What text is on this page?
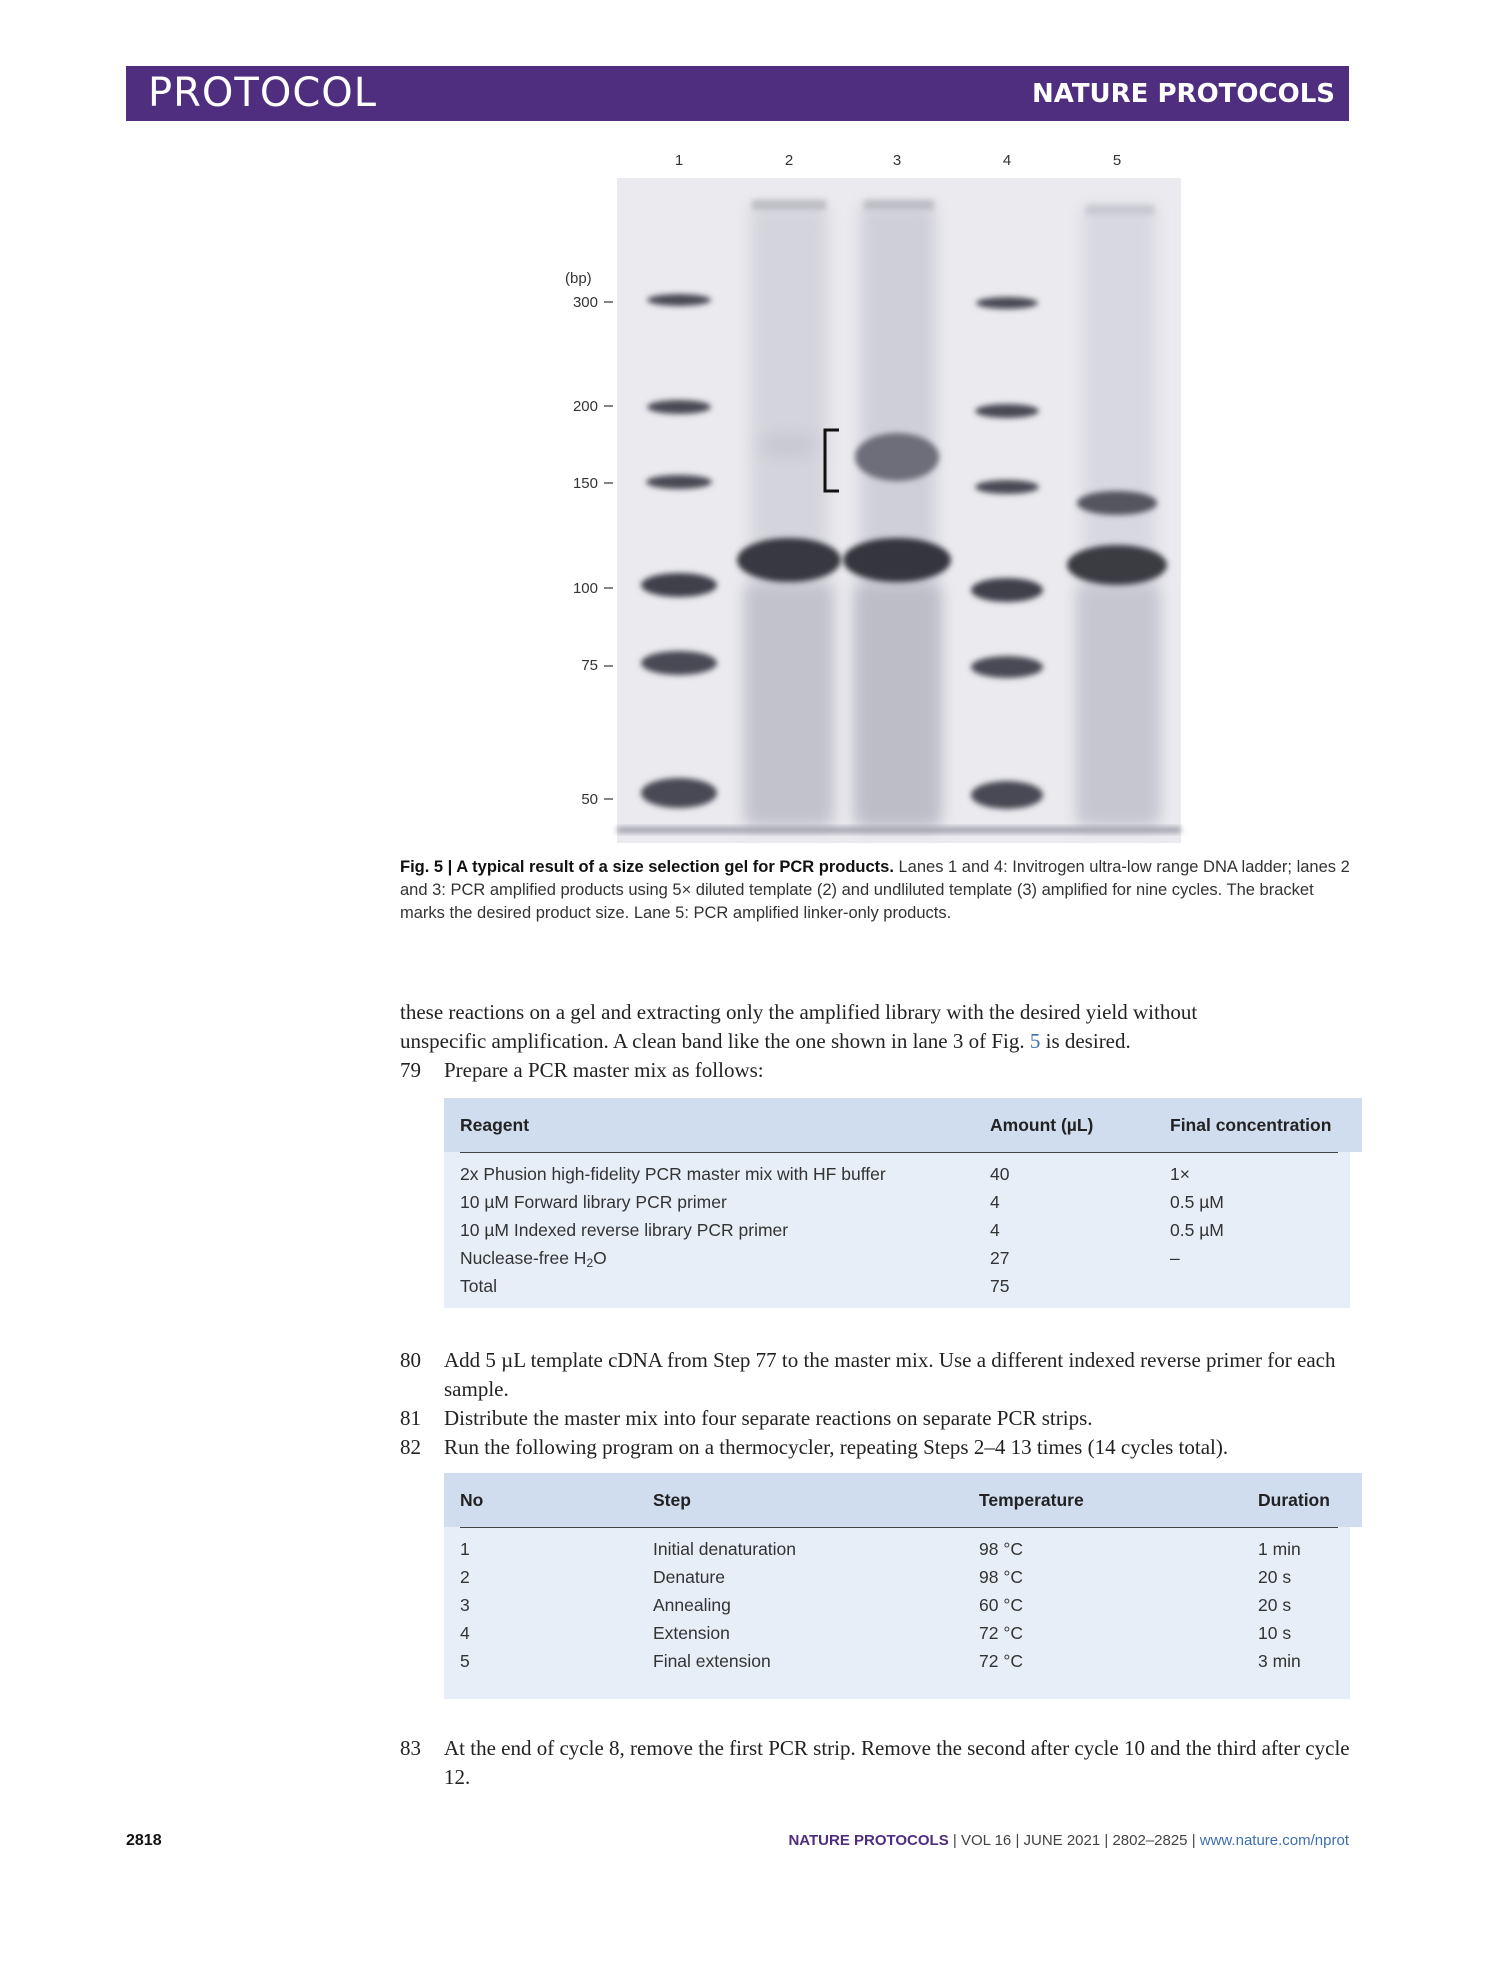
PROTOCOL	NATURE PROTOCOLS
1	2	3	4	5
(bp)
300
200
150
100
75
50
Fig. 5 | A typical result of a size selection gel for PCR products. Lanes 1 and 4: Invitrogen ultra-low range DNA ladder; lanes 2 and 3: PCR amplified products using 5× diluted template (2) and undliluted template (3) amplified for nine cycles. The bracket marks the desired product size. Lane 5: PCR amplified linker-only products.
these reactions on a gel and extracting only the amplified library with the desired yield without
unspecific amplification. A clean band like the one shown in lane 3 of Fig. 5 is desired.
79	Prepare a PCR master mix as follows:
Reagent	Amount (µL)	Final concentration
2x Phusion high-fidelity PCR master mix with HF buffer	40	1×
10 µM Forward library PCR primer	4	0.5 µM
10 µM Indexed reverse library PCR primer	4	0.5 µM
Nuclease-free $H_2O$	27	–
Total	75
80	Add 5 µL template cDNA from Step 77 to the master mix. Use a different indexed reverse primer for each sample.
81	Distribute the master mix into four separate reactions on separate PCR strips.
82	Run the following program on a thermocycler, repeating Steps 2–4 13 times (14 cycles total).
No	Step	Temperature	Duration
1	Initial denaturation	98 °C	1 min
2	Denature	98 °C	20 s
3	Annealing	60 °C	20 s
4	Extension	72 °C	10 s
5	Final extension	72 °C	3 min
83	At the end of cycle 8, remove the first PCR strip. Remove the second after cycle 10 and the third after cycle 12.
2818	NATURE PROTOCOLS | VOL 16 | JUNE 2021 | 2802–2825 | www.nature.com/nprot
